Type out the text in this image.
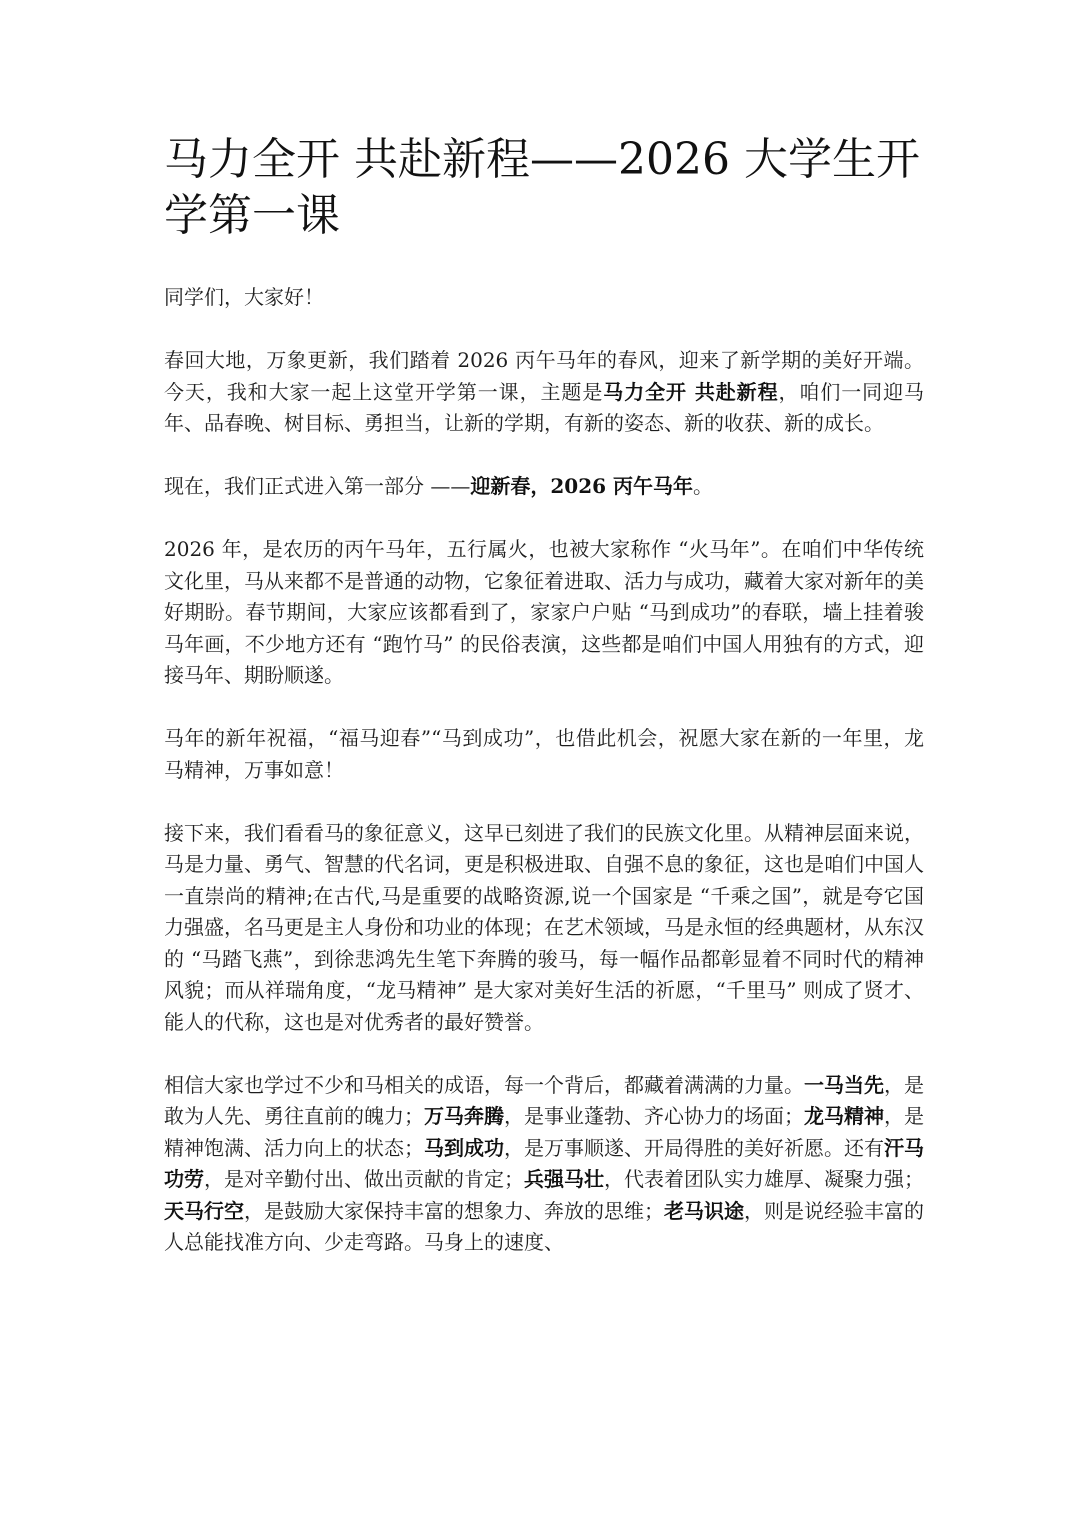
马力全开 共赴新程——2026 大学生开学第一课

同学们，大家好！

春回大地，万象更新，我们踏着 2026 丙午马年的春风，迎来了新学期的美好开端。今天，我和大家一起上这堂开学第一课，主题是马力全开 共赴新程，咱们一同迎马年、品春晚、树目标、勇担当，让新的学期，有新的姿态、新的收获、新的成长。

现在，我们正式进入第一部分 ——迎新春，2026 丙午马年。

2026 年，是农历的丙午马年，五行属火，也被大家称作 “火马年”。在咱们中华传统文化里，马从来都不是普通的动物，它象征着进取、活力与成功，藏着大家对新年的美好期盼。春节期间，大家应该都看到了，家家户户贴 “马到成功”的春联，墙上挂着骏马年画，不少地方还有 “跑竹马” 的民俗表演，这些都是咱们中国人用独有的方式，迎接马年、期盼顺遂。

马年的新年祝福，“福马迎春”“马到成功”，也借此机会，祝愿大家在新的一年里，龙马精神，万事如意！

接下来，我们看看马的象征意义，这早已刻进了我们的民族文化里。从精神层面来说，马是力量、勇气、智慧的代名词，更是积极进取、自强不息的象征，这也是咱们中国人一直崇尚的精神;在古代,马是重要的战略资源,说一个国家是 “千乘之国”，就是夸它国力强盛，名马更是主人身份和功业的体现；在艺术领域，马是永恒的经典题材，从东汉的 “马踏飞燕”，到徐悲鸿先生笔下奔腾的骏马，每一幅作品都彰显着不同时代的精神风貌；而从祥瑞角度，“龙马精神” 是大家对美好生活的祈愿，“千里马” 则成了贤才、能人的代称，这也是对优秀者的最好赞誉。

相信大家也学过不少和马相关的成语，每一个背后，都藏着满满的力量。一马当先，是敢为人先、勇往直前的魄力；万马奔腾，是事业蓬勃、齐心协力的场面；龙马精神，是精神饱满、活力向上的状态；马到成功，是万事顺遂、开局得胜的美好祈愿。还有汗马功劳，是对辛勤付出、做出贡献的肯定；兵强马壮，代表着团队实力雄厚、凝聚力强；天马行空，是鼓励大家保持丰富的想象力、奔放的思维；老马识途，则是说经验丰富的人总能找准方向、少走弯路。马身上的速度、
